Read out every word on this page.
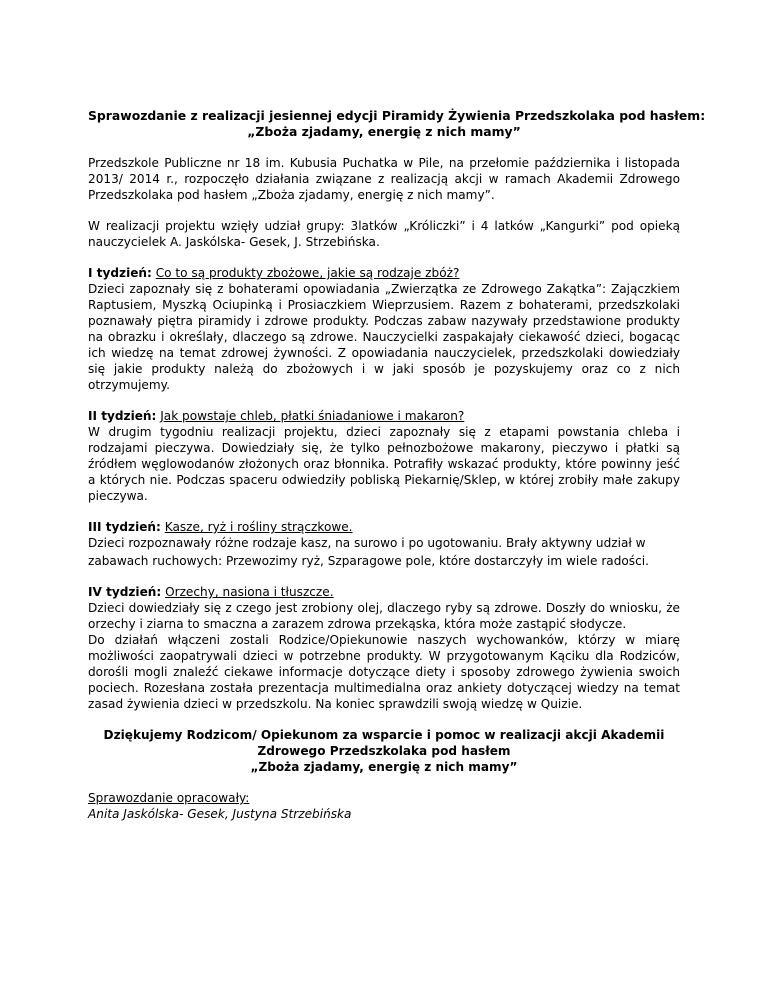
Sprawozdanie z realizacji jesiennej edycji Piramidy Żywienia Przedszkolaka pod hasłem:
„Zboża zjadamy, energię z nich mamy”

Przedszkole Publiczne nr 18 im. Kubusia Puchatka w Pile, na przełomie października i listopada 2013/ 2014 r., rozpoczęło działania związane z realizacją akcji w ramach Akademii Zdrowego Przedszkolaka pod hasłem „Zboża zjadamy, energię z nich mamy”.

W realizacji projektu wzięły udział grupy: 3latków „Króliczki” i 4 latków „Kangurki” pod opieką nauczycielek A. Jaskólska- Gesek, J. Strzebińska.

I tydzień: Co to są produkty zbożowe, jakie są rodzaje zbóż?

Dzieci zapoznały się z bohaterami opowiadania „Zwierzątka ze Zdrowego Zakątka”: Zajączkiem Raptusiem, Myszką Ociupinką i Prosiaczkiem Wieprzusiem. Razem z bohaterami, przedszkolaki poznawały piętra piramidy i zdrowe produkty. Podczas zabaw nazywały przedstawione produkty na obrazku i określały, dlaczego są zdrowe. Nauczycielki zaspakajały ciekawość dzieci, bogacąc ich wiedzę na temat zdrowej żywności. Z opowiadania nauczycielek, przedszkolaki dowiedziały się jakie produkty należą do zbożowych i w jaki sposób je pozyskujemy oraz co z nich otrzymujemy.

II tydzień: Jak powstaje chleb, płatki śniadaniowe i makaron?

W drugim tygodniu realizacji projektu, dzieci zapoznały się z etapami powstania chleba i rodzajami pieczywa. Dowiedziały się, że tylko pełnozbożowe makarony, pieczywo i płatki są źródłem węglowodanów złożonych oraz błonnika. Potrafiły wskazać produkty, które powinny jeść a których nie. Podczas spaceru odwiedziły pobliską Piekarnię/Sklep, w której zrobiły małe zakupy pieczywa.

III tydzień: Kasze, ryż i rośliny strączkowe.
Dzieci rozpoznawały różne rodzaje kasz, na surowo i po ugotowaniu. Brały aktywny udział w
zabawach ruchowych: Przewozimy ryż, Szparagowe pole, które dostarczyły im wiele radości.
IV tydzień: Orzechy, nasiona i tłuszcze.

Dzieci dowiedziały się z czego jest zrobiony olej, dlaczego ryby są zdrowe. Doszły do wniosku, że orzechy i ziarna to smaczna a zarazem zdrowa przekąska, która może zastąpić słodycze.

Do działań włączeni zostali Rodzice/Opiekunowie naszych wychowanków, którzy w miarę możliwości zaopatrywali dzieci w potrzebne produkty. W przygotowanym Kąciku dla Rodziców, dorośli mogli znaleźć ciekawe informacje dotyczące diety i sposoby zdrowego żywienia swoich pociech. Rozesłana została prezentacja multimedialna oraz ankiety dotyczącej wiedzy na temat zasad żywienia dzieci w przedszkolu. Na koniec sprawdzili swoją wiedzę w Quizie.

Dziękujemy Rodzicom/ Opiekunom za wsparcie i pomoc w realizacji akcji Akademii
Zdrowego Przedszkolaka pod hasłem
„Zboża zjadamy, energię z nich mamy”
Sprawozdanie opracowały:
Anita Jaskólska- Gesek, Justyna Strzebińska
